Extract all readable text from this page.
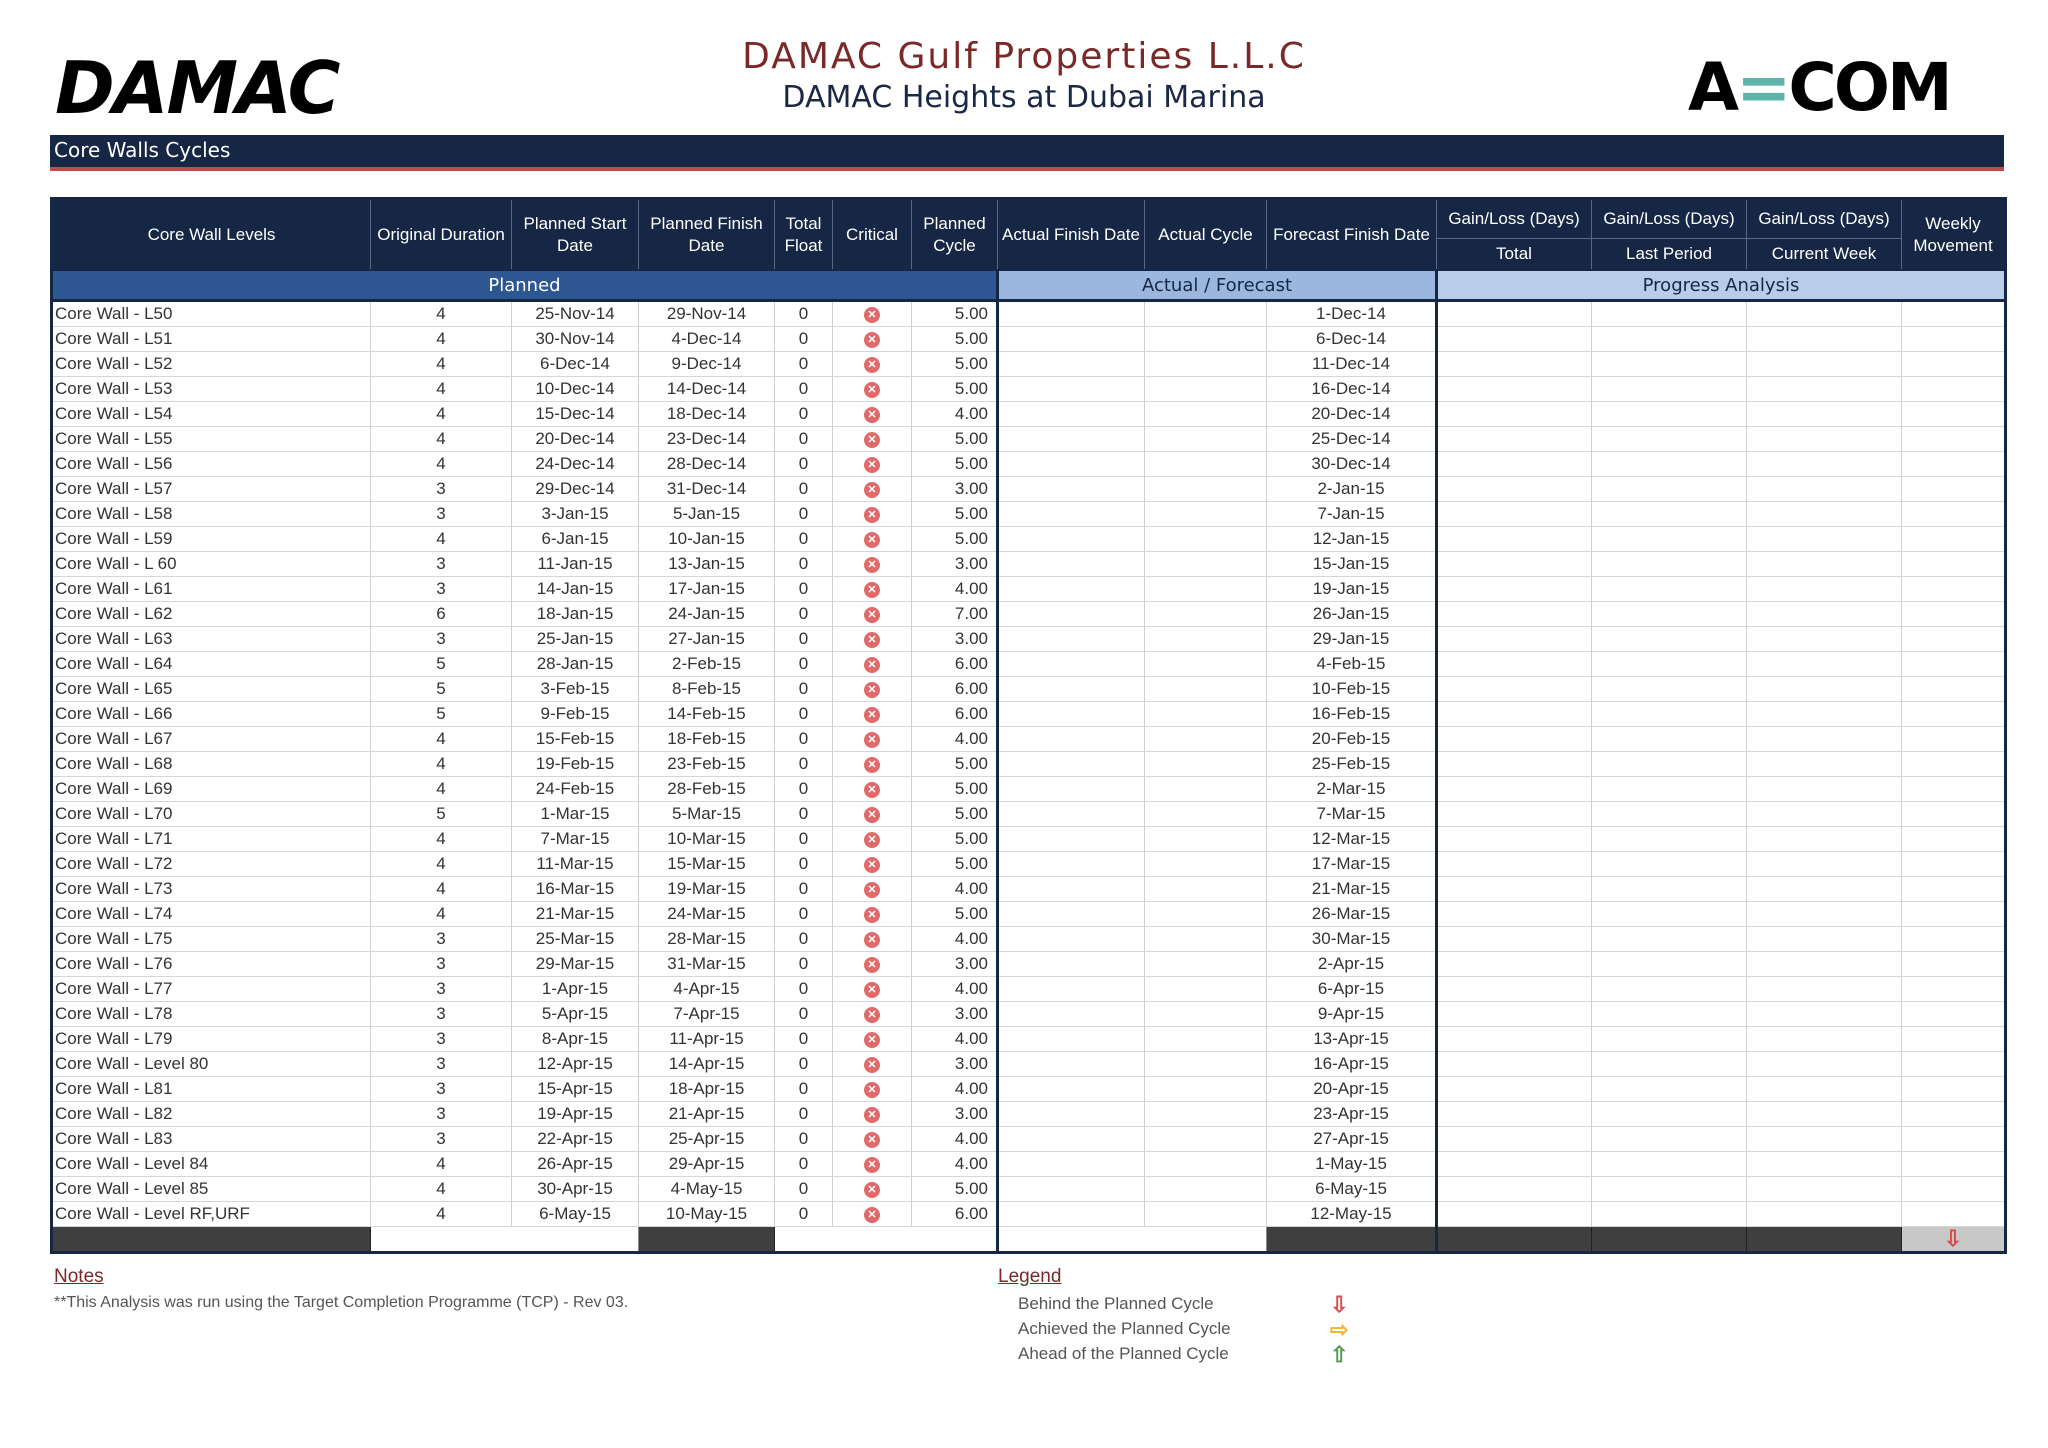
DAMAC	DAMAC Gulf Properties L.L.C
DAMAC Heights at Dubai Marina	A=COM
Core Walls Cycles
Core Wall Levels	Original Duration	Planned Start Date	Planned Finish Date	Total Float	Critical	Planned Cycle	Actual Finish Date	Actual Cycle	Forecast Finish Date	Gain/Loss (Days)	Gain/Loss (Days)	Gain/Loss (Days)	Weekly Movement
										Total	Last Period	Current Week	
Planned							Actual / Forecast			Progress Analysis			
Core Wall - L50	4	25-Nov-14	29-Nov-14	0	✕	5.00			1-Dec-14				
Core Wall - L51	4	30-Nov-14	4-Dec-14	0	✕	5.00			6-Dec-14				
Core Wall - L52	4	6-Dec-14	9-Dec-14	0	✕	5.00			11-Dec-14				
Core Wall - L53	4	10-Dec-14	14-Dec-14	0	✕	5.00			16-Dec-14				
Core Wall - L54	4	15-Dec-14	18-Dec-14	0	✕	4.00			20-Dec-14				
Core Wall - L55	4	20-Dec-14	23-Dec-14	0	✕	5.00			25-Dec-14				
Core Wall - L56	4	24-Dec-14	28-Dec-14	0	✕	5.00			30-Dec-14				
Core Wall - L57	3	29-Dec-14	31-Dec-14	0	✕	3.00			2-Jan-15				
Core Wall - L58	3	3-Jan-15	5-Jan-15	0	✕	5.00			7-Jan-15				
Core Wall - L59	4	6-Jan-15	10-Jan-15	0	✕	5.00			12-Jan-15				
Core Wall - L 60	3	11-Jan-15	13-Jan-15	0	✕	3.00			15-Jan-15				
Core Wall - L61	3	14-Jan-15	17-Jan-15	0	✕	4.00			19-Jan-15				
Core Wall - L62	6	18-Jan-15	24-Jan-15	0	✕	7.00			26-Jan-15				
Core Wall - L63	3	25-Jan-15	27-Jan-15	0	✕	3.00			29-Jan-15				
Core Wall - L64	5	28-Jan-15	2-Feb-15	0	✕	6.00			4-Feb-15				
Core Wall - L65	5	3-Feb-15	8-Feb-15	0	✕	6.00			10-Feb-15				
Core Wall - L66	5	9-Feb-15	14-Feb-15	0	✕	6.00			16-Feb-15				
Core Wall - L67	4	15-Feb-15	18-Feb-15	0	✕	4.00			20-Feb-15				
Core Wall - L68	4	19-Feb-15	23-Feb-15	0	✕	5.00			25-Feb-15				
Core Wall - L69	4	24-Feb-15	28-Feb-15	0	✕	5.00			2-Mar-15				
Core Wall - L70	5	1-Mar-15	5-Mar-15	0	✕	5.00			7-Mar-15				
Core Wall - L71	4	7-Mar-15	10-Mar-15	0	✕	5.00			12-Mar-15				
Core Wall - L72	4	11-Mar-15	15-Mar-15	0	✕	5.00			17-Mar-15				
Core Wall - L73	4	16-Mar-15	19-Mar-15	0	✕	4.00			21-Mar-15				
Core Wall - L74	4	21-Mar-15	24-Mar-15	0	✕	5.00			26-Mar-15				
Core Wall - L75	3	25-Mar-15	28-Mar-15	0	✕	4.00			30-Mar-15				
Core Wall - L76	3	29-Mar-15	31-Mar-15	0	✕	3.00			2-Apr-15				
Core Wall - L77	3	1-Apr-15	4-Apr-15	0	✕	4.00			6-Apr-15				
Core Wall - L78	3	5-Apr-15	7-Apr-15	0	✕	3.00			9-Apr-15				
Core Wall - L79	3	8-Apr-15	11-Apr-15	0	✕	4.00			13-Apr-15				
Core Wall - Level 80	3	12-Apr-15	14-Apr-15	0	✕	3.00			16-Apr-15				
Core Wall - L81	3	15-Apr-15	18-Apr-15	0	✕	4.00			20-Apr-15				
Core Wall - L82	3	19-Apr-15	21-Apr-15	0	✕	3.00			23-Apr-15				
Core Wall - L83	3	22-Apr-15	25-Apr-15	0	✕	4.00			27-Apr-15				
Core Wall - Level 84	4	26-Apr-15	29-Apr-15	0	✕	4.00			1-May-15				
Core Wall - Level 85	4	30-Apr-15	4-May-15	0	✕	5.00			6-May-15				
Core Wall - Level RF,URF	4	6-May-15	10-May-15	0	✕	6.00			12-May-15				
													⇩
Notes
**This Analysis was run using the Target Completion Programme (TCP) - Rev 03.
Legend
Behind the Planned Cycle	⇩
Achieved the Planned Cycle	⇨
Ahead of the Planned Cycle	⇧
